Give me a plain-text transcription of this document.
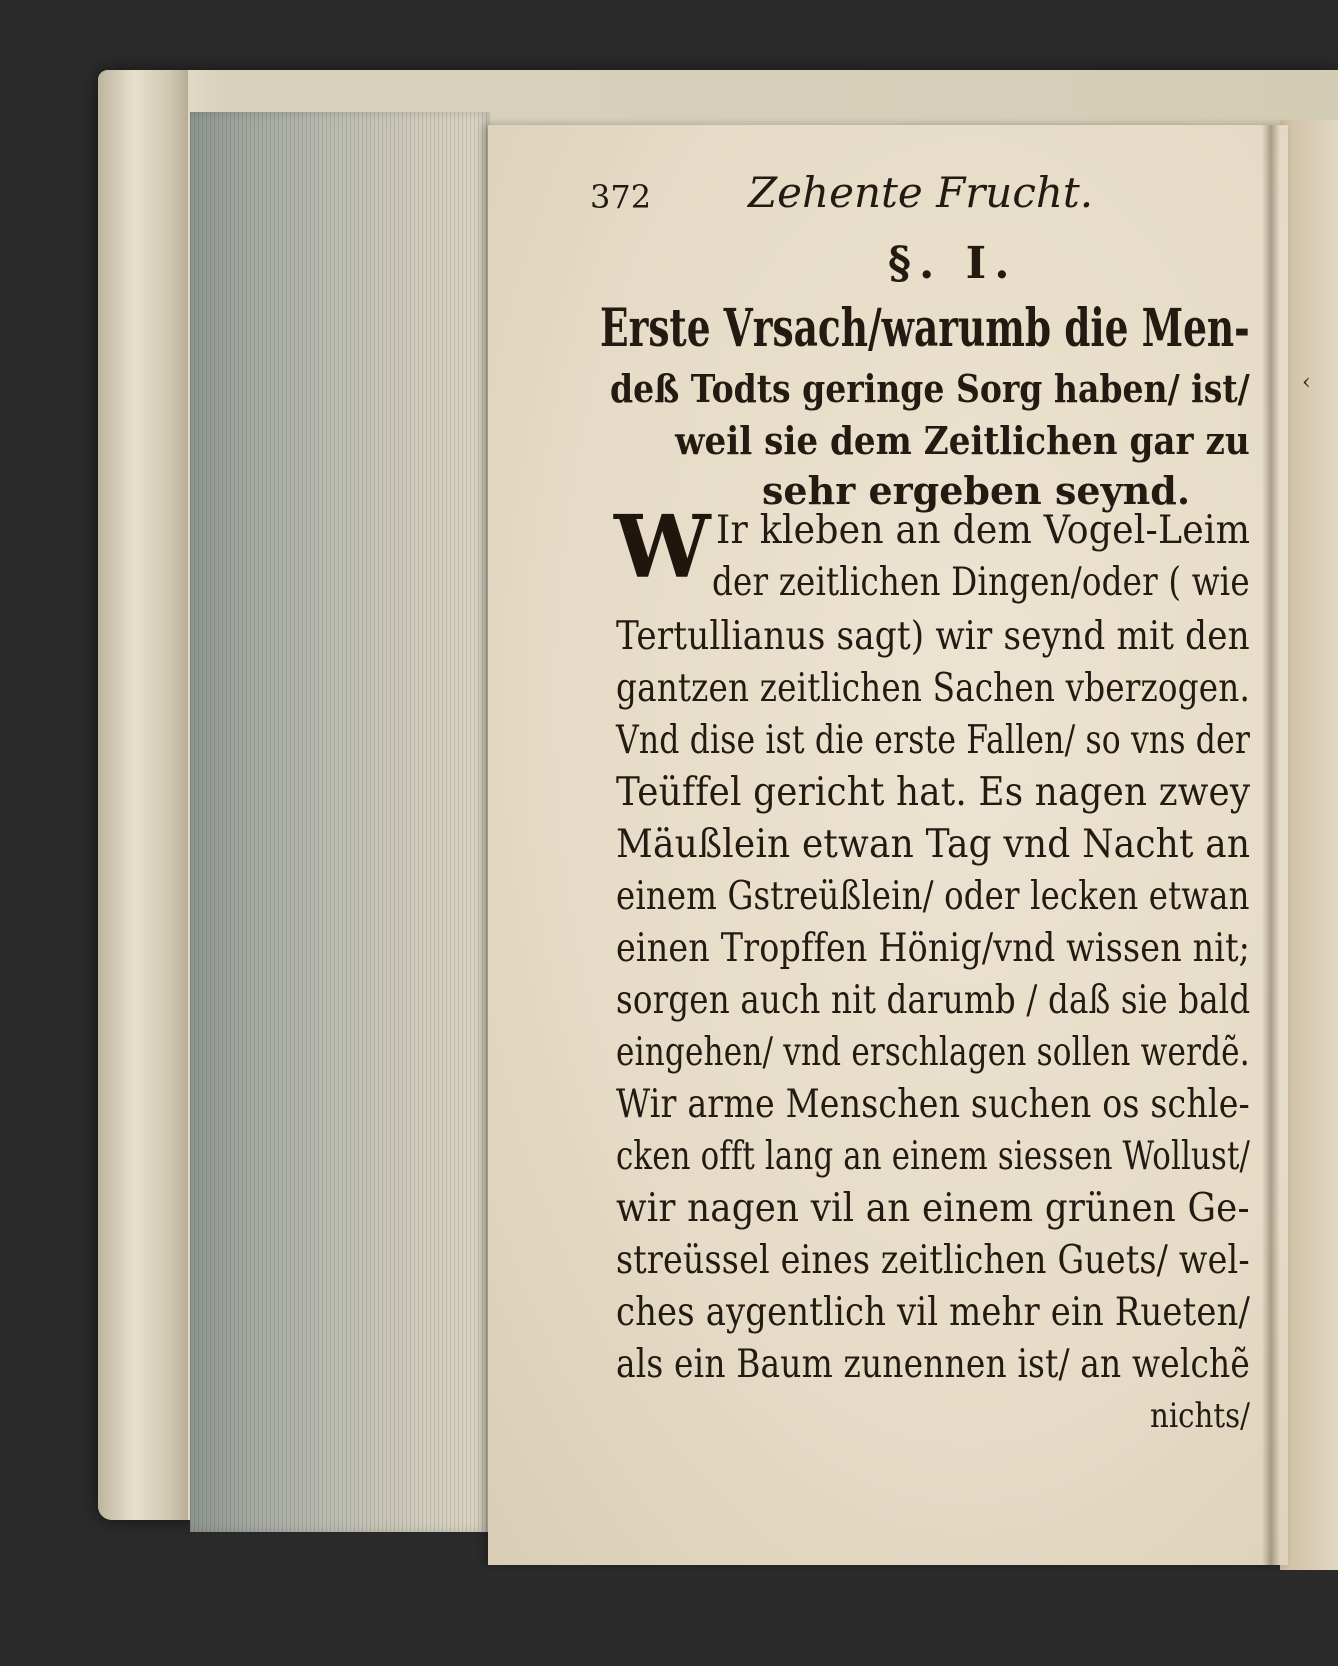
‹
372 Zehente Frucht.
§. I.
Erste Vrsach/warumb die Men-
deß Todts geringe Sorg haben/ ist/
weil sie dem Zeitlichen gar zu
sehr ergeben seynd.
W Ir kleben an dem Vogel-Leim
der zeitlichen Dingen/oder ( wie
Tertullianus sagt) wir seynd mit den
gantzen zeitlichen Sachen vberzogen.
Vnd dise ist die erste Fallen/ so vns der
Teüffel gericht hat. Es nagen zwey
Mäußlein etwan Tag vnd Nacht an
einem Gstreüßlein/ oder lecken etwan
einen Tropffen Hönig/vnd wissen nit;
sorgen auch nit darumb / daß sie bald
eingehen/ vnd erschlagen sollen werdẽ.
Wir arme Menschen suchen os schle-
cken offt lang an einem siessen Wollust/
wir nagen vil an einem grünen Ge-
streüssel eines zeitlichen Guets/ wel-
ches aygentlich vil mehr ein Rueten/
als ein Baum zunennen ist/ an welchẽ
nichts/
